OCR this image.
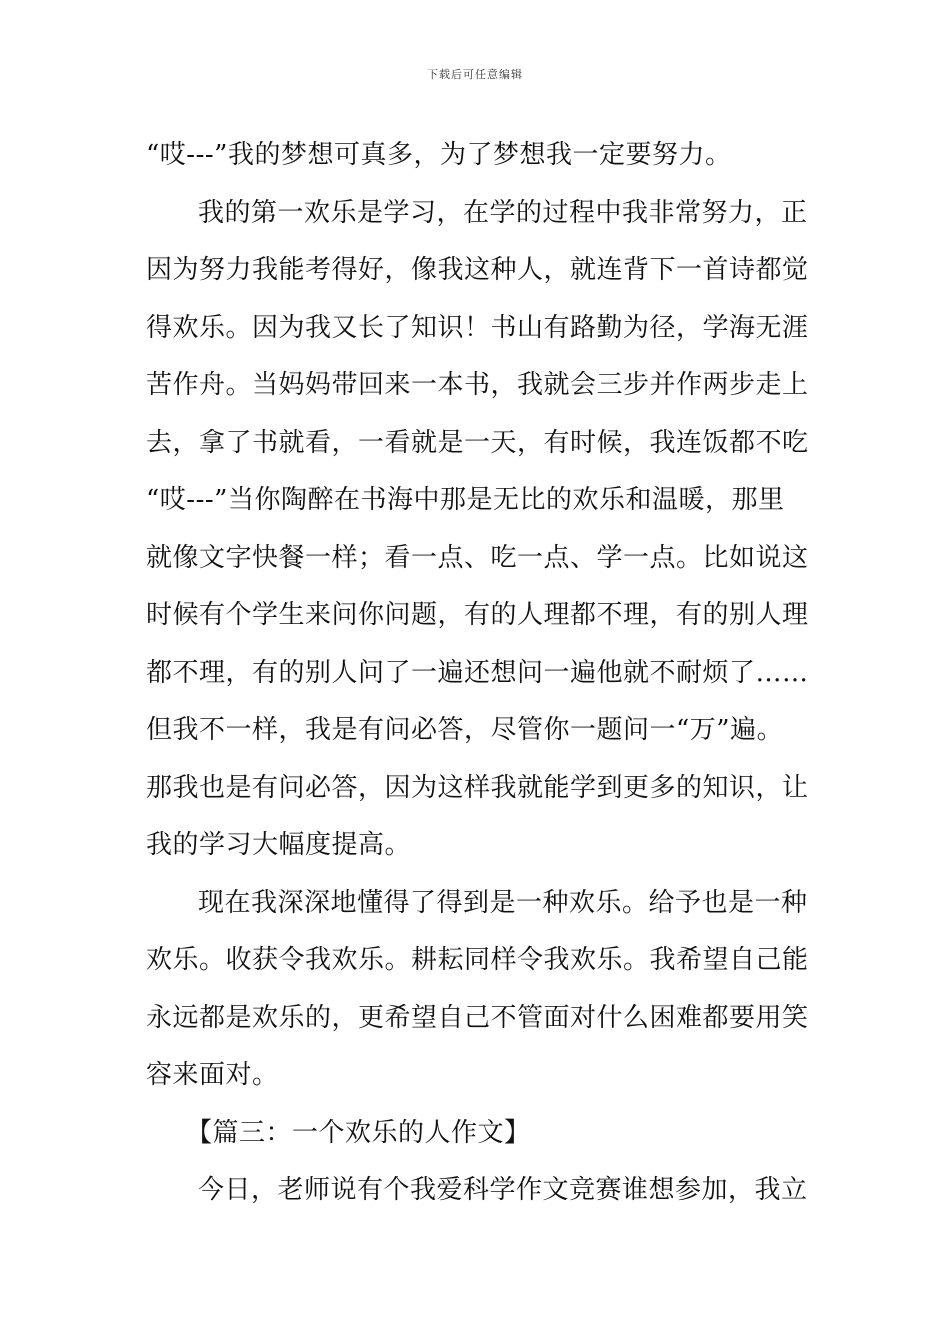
下载后可任意编辑
“哎---”我的梦想可真多，为了梦想我一定要努力。
我的第一欢乐是学习，在学的过程中我非常努力，正
因为努力我能考得好，像我这种人，就连背下一首诗都觉
得欢乐。因为我又长了知识！书山有路勤为径，学海无涯
苦作舟。当妈妈带回来一本书，我就会三步并作两步走上
去，拿了书就看，一看就是一天，有时候，我连饭都不吃
“哎---”当你陶醉在书海中那是无比的欢乐和温暖，那里
就像文字快餐一样；看一点、吃一点、学一点。比如说这
时候有个学生来问你问题，有的人理都不理，有的别人理
都不理，有的别人问了一遍还想问一遍他就不耐烦了……
但我不一样，我是有问必答，尽管你一题问一“万”遍。
那我也是有问必答，因为这样我就能学到更多的知识，让
我的学习大幅度提高。
现在我深深地懂得了得到是一种欢乐。给予也是一种
欢乐。收获令我欢乐。耕耘同样令我欢乐。我希望自己能
永远都是欢乐的，更希望自己不管面对什么困难都要用笑
容来面对。
【篇三：一个欢乐的人作文】
今日，老师说有个我爱科学作文竞赛谁想参加，我立
